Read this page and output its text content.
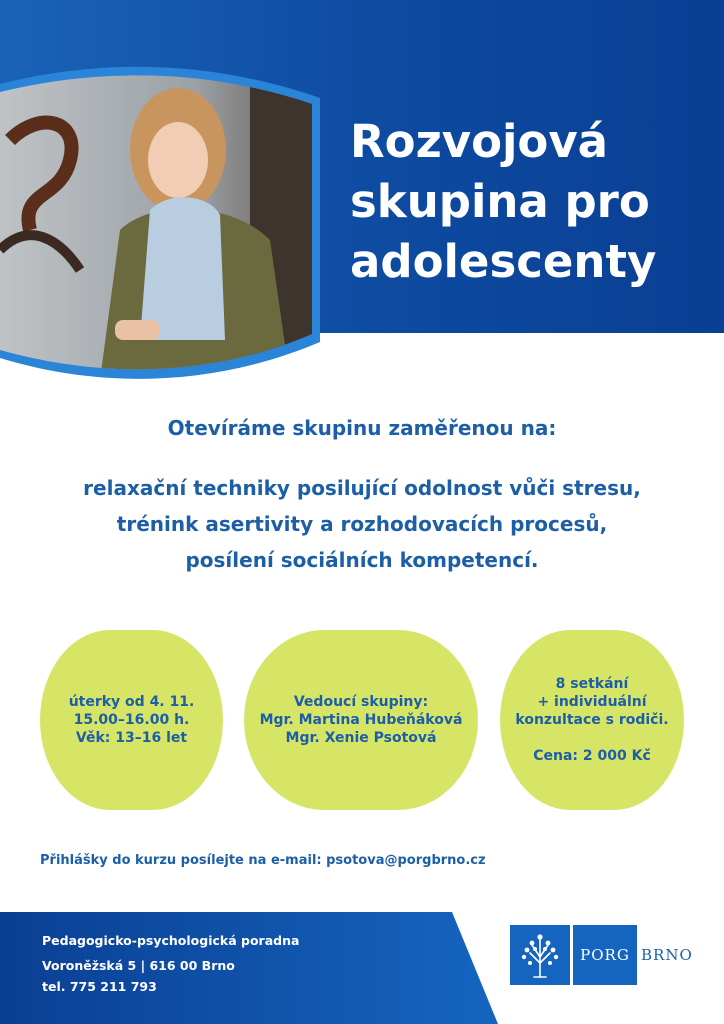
Rozvojová
skupina pro
adolescenty

Otevíráme skupinu zaměřenou na:

relaxační techniky posilující odolnost vůči stresu,
trénink asertivity a rozhodovacích procesů,
posílení sociálních kompetencí.
úterky od 4. 11.
15.00–16.00 h.
Věk: 13–16 let
Vedoucí skupiny:
Mgr. Martina Hubeňáková
Mgr. Xenie Psotová
8 setkání
+ individuální
konzultace s rodiči.
Cena: 2 000 Kč
Přihlášky do kurzu posílejte na e-mail: psotova@porgbrno.cz
Pedagogicko-psychologická poradna
Voroněžská 5 | 616 00 Brno
tel. 775 211 793
PORG BRNO
